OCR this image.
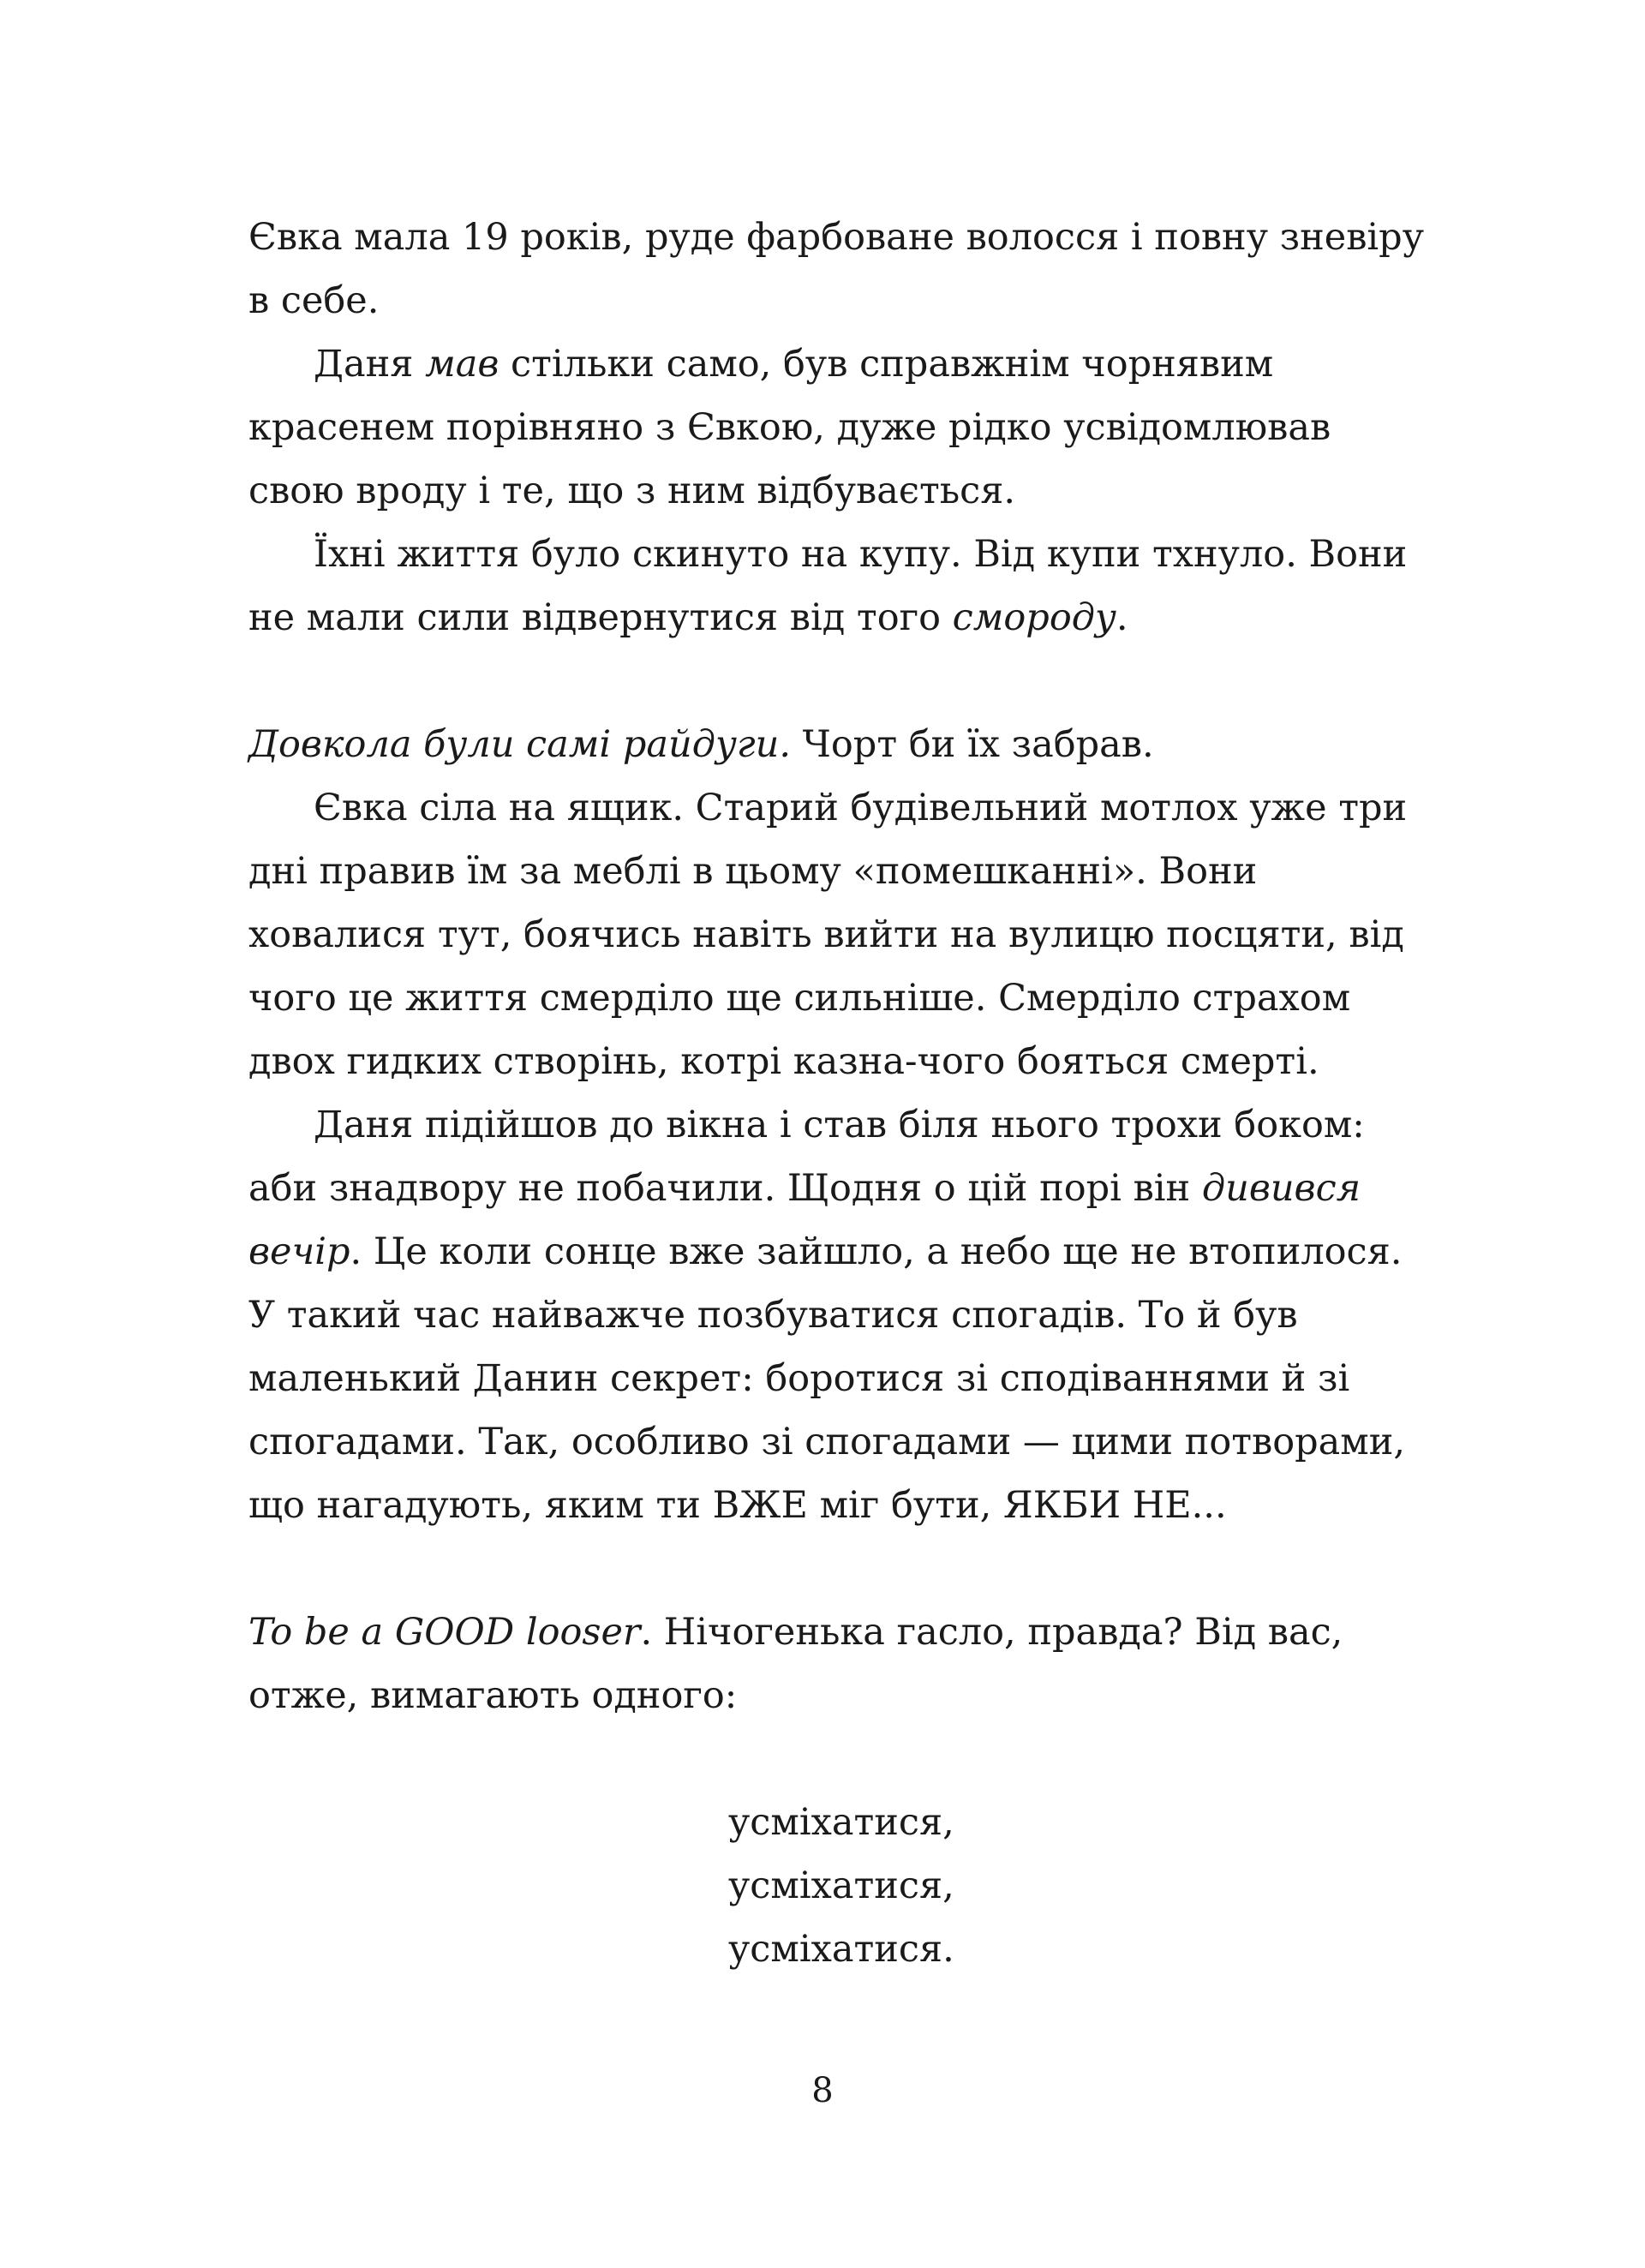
Євка мала 19 років, руде фарбоване волосся і повну зневіру в себе.

Даня мав стільки само, був справжнім чорнявим красенем порівняно з Євкою, дуже рідко усвідомлював свою вроду і те, що з ним відбувається.

Їхні життя було скинуто на купу. Від купи тхнуло. Вони не мали сили відвернутися від того смороду.

Довкола були самі райдуги. Чорт би їх забрав.

Євка сіла на ящик. Старий будівельний мотлох уже три дні правив їм за меблі в цьому «помешканні». Вони ховалися тут, боячись навіть вийти на вулицю посцяти, від чого це життя смерділо ще сильніше. Смерділо страхом двох гидких створінь, котрі казна-чого бояться смерті.

Даня підійшов до вікна і став біля нього трохи боком: аби знадвору не побачили. Щодня о цій порі він дивився вечір. Це коли сонце вже зайшло, а небо ще не втопилося. У такий час найважче позбуватися спогадів. То й був маленький Данин секрет: боротися зі сподіваннями й зі спогадами. Так, особливо зі спогадами — цими потворами, що нагадують, яким ти ВЖЕ міг бути, ЯКБИ НЕ...

To be a GOOD looser. Нічогенька гасло, правда? Від вас, отже, вимагають одного:

усміхатися,
усміхатися,
усміхатися.
8
